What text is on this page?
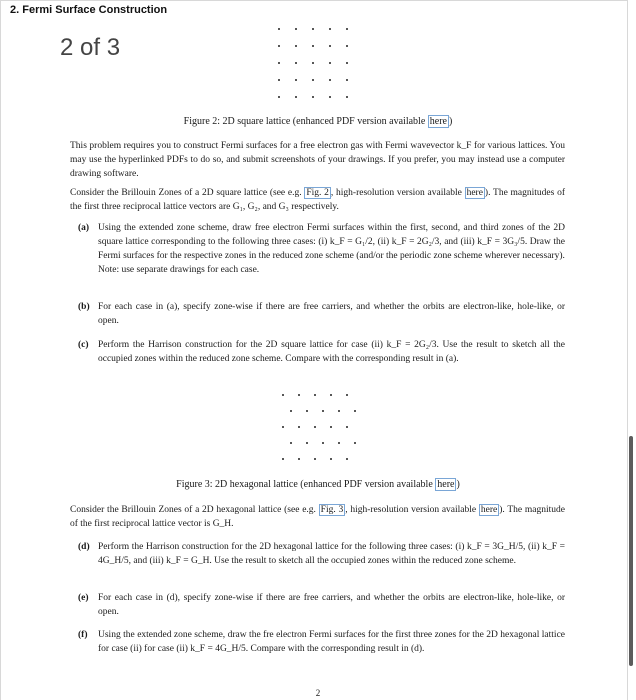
2. Fermi Surface Construction
2 of 3
Figure 2: 2D square lattice (enhanced PDF version available here )
This problem requires you to construct Fermi surfaces for a free electron gas with Fermi wavevector k_F for various lattices. You may use the hyperlinked PDFs to do so, and submit screenshots of your drawings. If you prefer, you may instead use a computer drawing software.
Consider the Brillouin Zones of a 2D square lattice (see e.g. Fig. 2 , high-resolution version available here ). The magnitudes of the first three reciprocal lattice vectors are G₁, G₂, and G₃ respectively.
(a) Using the extended zone scheme, draw free electron Fermi surfaces within the first, second, and third zones of the 2D square lattice corresponding to the following three cases: (i) k_F = G₁/2, (ii) k_F = 2G₂/3, and (iii) k_F = 3G₃/5. Draw the Fermi surfaces for the respective zones in the reduced zone scheme (and/or the periodic zone scheme wherever necessary).
Note: use separate drawings for each case.
(b) For each case in (a), specify zone-wise if there are free carriers, and whether the orbits are electron-like, hole-like, or open.
(c) Perform the Harrison construction for the 2D square lattice for case (ii) k_F = 2G₂/3. Use the result to sketch all the occupied zones within the reduced zone scheme. Compare with the corresponding result in (a).
Figure 3: 2D hexagonal lattice (enhanced PDF version available here )
Consider the Brillouin Zones of a 2D hexagonal lattice (see e.g. Fig. 3 , high-resolution version available here ). The magnitude of the first reciprocal lattice vector is G_H.
(d) Perform the Harrison construction for the 2D hexagonal lattice for the following three cases: (i) k_F = 3G_H/5, (ii) k_F = 4G_H/5, and (iii) k_F = G_H. Use the result to sketch all the occupied zones within the reduced zone scheme.
(e) For each case in (d), specify zone-wise if there are free carriers, and whether the orbits are electron-like, hole-like, or open.
(f)	Using the extended zone scheme, draw the fre electron Fermi surfaces for the first three zones for the 2D hexagonal lattice for case (ii) for case (ii) k_F = 4G_H/5. Compare with the corresponding result in (d).
2
